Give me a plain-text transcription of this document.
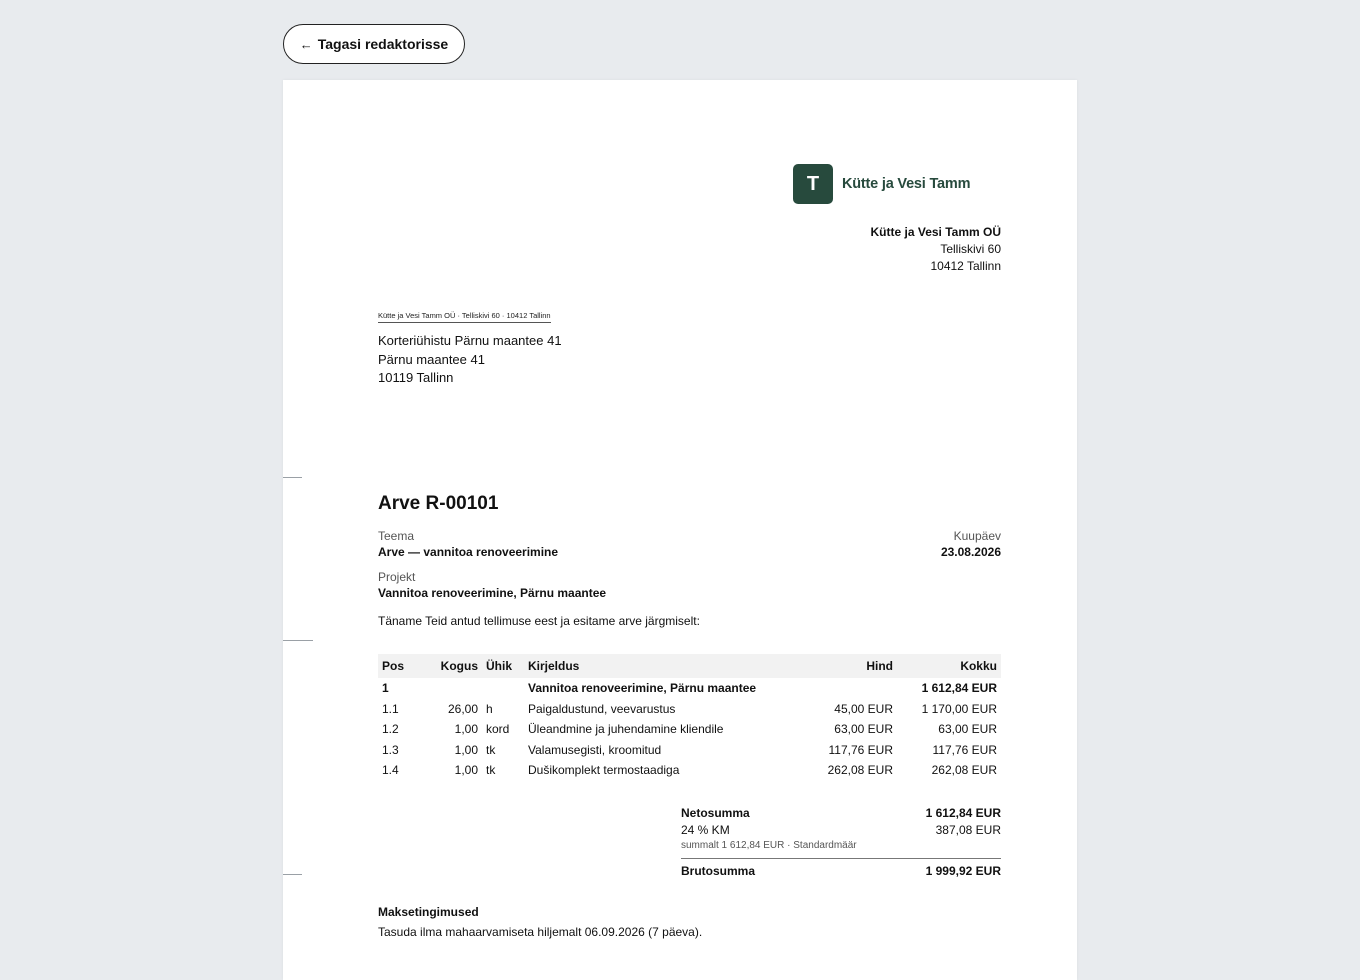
← Tagasi redaktorisse
T	Kütte ja Vesi Tamm
Kütte ja Vesi Tamm OÜ
Telliskivi 60
10412 Tallinn
Kütte ja Vesi Tamm OÜ · Telliskivi 60 · 10412 Tallinn
Korteriühistu Pärnu maantee 41
Pärnu maantee 41
10119 Tallinn
Arve R-00101
Teema
Arve — vannitoa renoveerimine
Kuupäev
23.08.2026
Projekt
Vannitoa renoveerimine, Pärnu maantee
Täname Teid antud tellimuse eest ja esitame arve järgmiselt:
Pos	Kogus	Ühik	Kirjeldus	Hind	Kokku
1			Vannitoa renoveerimine, Pärnu maantee		1 612,84 EUR
1.1	26,00	h	Paigaldustund, veevarustus	45,00 EUR	1 170,00 EUR
1.2	1,00	kord	Üleandmine ja juhendamine kliendile	63,00 EUR	63,00 EUR
1.3	1,00	tk	Valamusegisti, kroomitud	117,76 EUR	117,76 EUR
1.4	1,00	tk	Dušikomplekt termostaadiga	262,08 EUR	262,08 EUR
Netosumma	1 612,84 EUR
24 % KM	387,08 EUR
summalt 1 612,84 EUR · Standardmäär
Brutosumma	1 999,92 EUR
Maksetingimused
Tasuda ilma mahaarvamiseta hiljemalt 06.09.2026 (7 päeva).
